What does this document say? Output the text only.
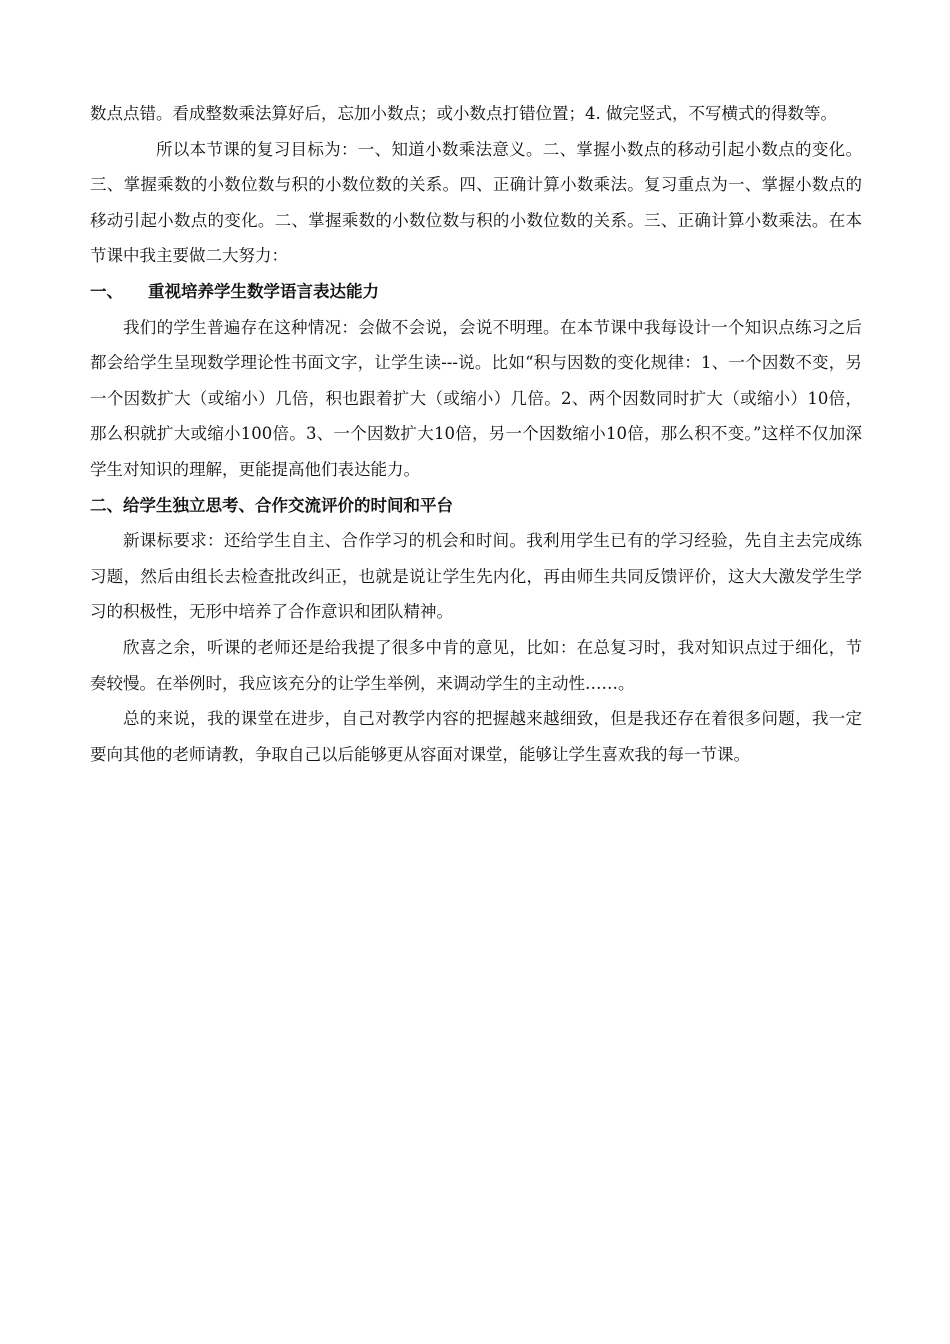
数点点错。看成整数乘法算好后，忘加小数点；或小数点打错位置；4. 做完竖式，不写横式的得数等。

所以本节课的复习目标为：一、知道小数乘法意义。二、掌握小数点的移动引起小数点的变化。三、掌握乘数的小数位数与积的小数位数的关系。四、正确计算小数乘法。复习重点为一、掌握小数点的移动引起小数点的变化。二、掌握乘数的小数位数与积的小数位数的关系。三、正确计算小数乘法。在本节课中我主要做二大努力：

一、 重视培养学生数学语言表达能力

我们的学生普遍存在这种情况：会做不会说，会说不明理。在本节课中我每设计一个知识点练习之后都会给学生呈现数学理论性书面文字，让学生读---说。比如“积与因数的变化规律：1、一个因数不变，另一个因数扩大（或缩小）几倍，积也跟着扩大（或缩小）几倍。2、两个因数同时扩大（或缩小）10倍，那么积就扩大或缩小100倍。3、一个因数扩大10倍，另一个因数缩小10倍，那么积不变。”这样不仅加深学生对知识的理解，更能提高他们表达能力。

二、给学生独立思考、合作交流评价的时间和平台

新课标要求：还给学生自主、合作学习的机会和时间。我利用学生已有的学习经验，先自主去完成练习题，然后由组长去检查批改纠正，也就是说让学生先内化，再由师生共同反馈评价，这大大激发学生学习的积极性，无形中培养了合作意识和团队精神。

欣喜之余，听课的老师还是给我提了很多中肯的意见，比如：在总复习时，我对知识点过于细化，节奏较慢。在举例时，我应该充分的让学生举例，来调动学生的主动性……。

总的来说，我的课堂在进步，自己对教学内容的把握越来越细致，但是我还存在着很多问题，我一定要向其他的老师请教，争取自己以后能够更从容面对课堂，能够让学生喜欢我的每一节课。
